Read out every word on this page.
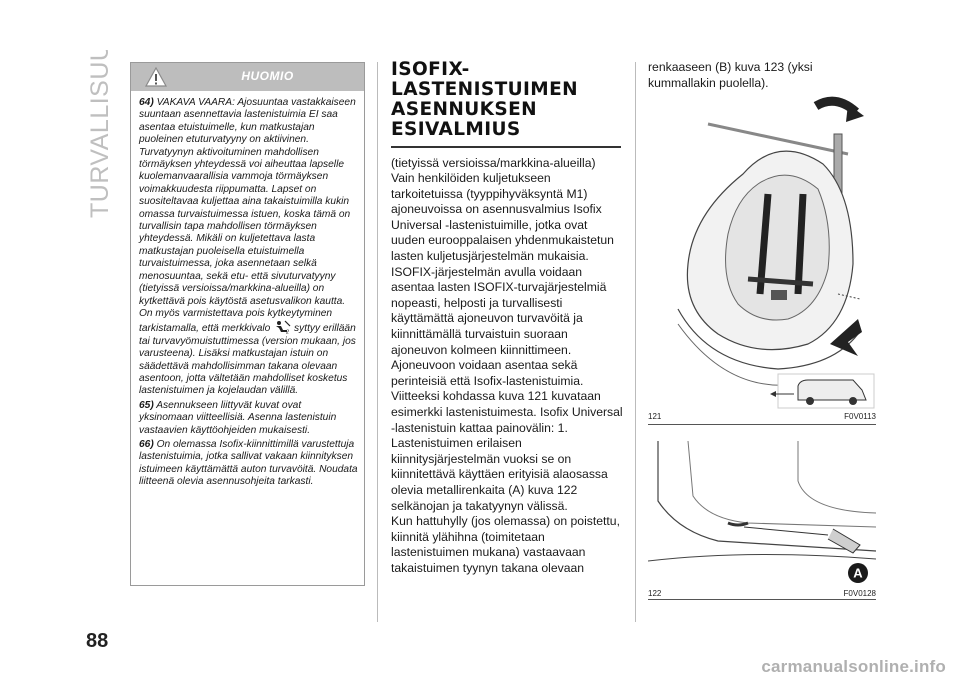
TURVALLISUUS
88
HUOMIO

64) VAKAVA VAARA: Ajosuuntaa vastakkaiseen suuntaan asennettavia lastenistuimia EI saa asentaa etuistuimelle, kun matkustajan puoleinen etuturvatyyny on aktiivinen. Turvatyynyn aktivoituminen mahdollisen törmäyksen yhteydessä voi aiheuttaa lapselle kuolemanvaarallisia vammoja törmäyksen voimakkuudesta riippumatta. Lapset on suositeltavaa kuljettaa aina takaistuimilla kukin omassa turvaistuimessa istuen, koska tämä on turvallisin tapa mahdollisen törmäyksen yhteydessä. Mikäli on kuljetettava lasta matkustajan puoleisella etuistuimella turvaistuimessa, joka asennetaan selkä menosuuntaa, sekä etu- että sivuturvatyyny (tietyissä versioissa/markkina-alueilla) on kytkettävä pois käytöstä asetusvalikon kautta. On myös varmistettava pois kytkeytyminen tarkistamalla, että merkkivalo	2 syttyy erillään tai turvavyömuistuttimessa (version mukaan, jos varusteena). Lisäksi matkustajan istuin on säädettävä mahdollisimman takana olevaan asentoon, jotta vältetään mahdolliset kosketus lastenistuimen ja kojelaudan välillä.

65) Asennukseen liittyvät kuvat ovat yksinomaan viitteellisiä. Asenna lastenistuin vastaavien käyttöohjeiden mukaisesti.

66) On olemassa Isofix-kiinnittimillä varustettuja lastenistuimia, jotka sallivat vakaan kiinnityksen istuimeen käyttämättä auton turvavöitä. Noudata liitteenä olevia asennusohjeita tarkasti.

ISOFIX-
LASTENISTUIMEN
ASENNUKSEN
ESIVALMIUS

(tietyissä versioissa/markkina-alueilla)

Vain henkilöiden kuljetukseen tarkoitetuissa (tyyppihyväksyntä M1) ajoneuvoissa on asennusvalmius Isofix Universal -lastenistuimille, jotka ovat uuden eurooppalaisen yhdenmukaistetun lasten kuljetusjärjestelmän mukaisia.

ISOFIX-järjestelmän avulla voidaan asentaa lasten ISOFIX-turvajärjestelmiä nopeasti, helposti ja turvallisesti käyttämättä ajoneuvon turvavöitä ja kiinnittämällä turvaistuin suoraan ajoneuvon kolmeen kiinnittimeen.

Ajoneuvoon voidaan asentaa sekä perinteisiä että Isofix-lastenistuimia.

Viitteeksi kohdassa kuva 121 kuvataan esimerkki lastenistuimesta. Isofix Universal -lastenistuin kattaa painovälin: 1.

Lastenistuimen erilaisen kiinnitysjärjestelmän vuoksi se on kiinnitettävä käyttäen erityisiä alaosassa olevia metallirenkaita (A) kuva 122 selkänojan ja takatyynyn välissä.

Kun hattuhylly (jos olemassa) on poistettu, kiinnitä ylähihna (toimitetaan lastenistuimen mukana) vastaavaan takaistuimen tyynyn takana olevaan

renkaaseen (B) kuva 123 (yksi kummallakin puolella).
121	F0V0113
A
122	F0V0128
carmanualsonline.info
